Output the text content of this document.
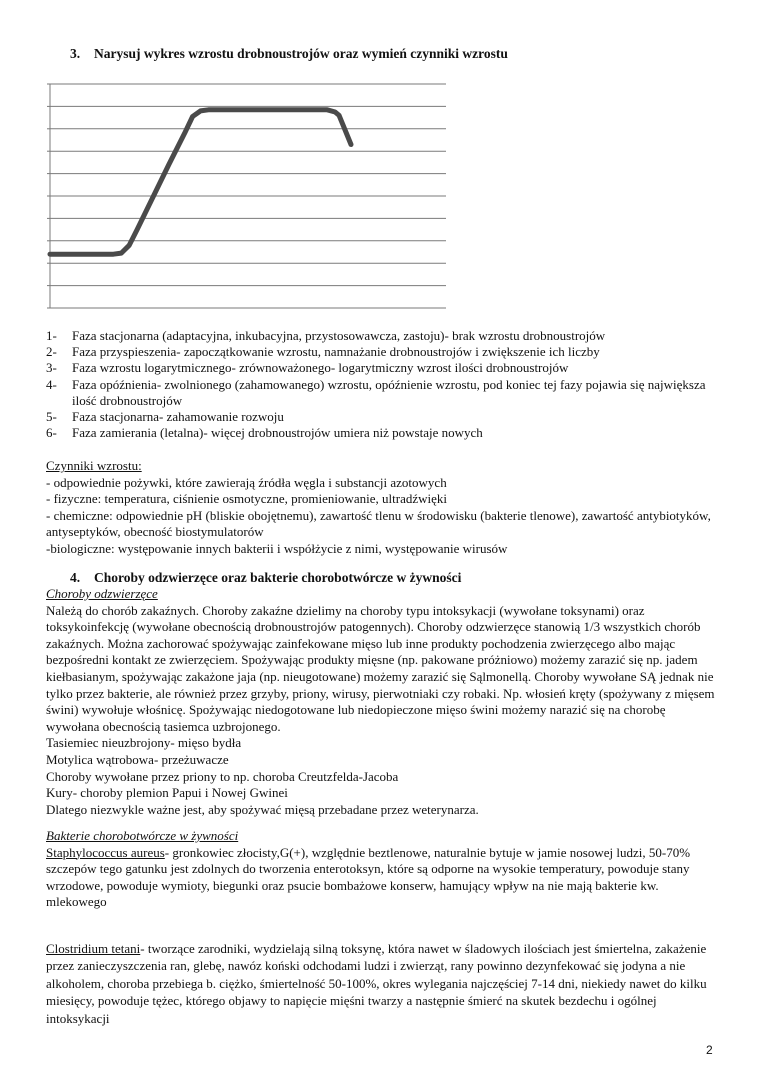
3. Narysuj wykres wzrostu drobnoustrojów oraz wymień czynniki wzrostu
1-	Faza stacjonarna (adaptacyjna, inkubacyjna, przystosowawcza, zastoju)- brak wzrostu drobnoustrojów
2-	Faza przyspieszenia- zapoczątkowanie wzrostu, namnażanie drobnoustrojów i zwiększenie ich liczby
3-	Faza wzrostu logarytmicznego- zrównoważonego- logarytmiczny wzrost ilości drobnoustrojów
4-	Faza opóźnienia- zwolnionego (zahamowanego) wzrostu, opóźnienie wzrostu, pod koniec tej fazy pojawia się największa ilość drobnoustrojów
5-	Faza stacjonarna- zahamowanie rozwoju
6-	Faza zamierania (letalna)- więcej drobnoustrojów umiera niż powstaje nowych

Czynniki wzrostu:

- odpowiednie pożywki, które zawierają źródła węgla i substancji azotowych

- fizyczne: temperatura, ciśnienie osmotyczne, promieniowanie, ultradźwięki

- chemiczne: odpowiednie pH (bliskie obojętnemu), zawartość tlenu w środowisku (bakterie tlenowe), zawartość antybiotyków, antyseptyków, obecność biostymulatorów

-biologiczne: występowanie innych bakterii i współżycie z nimi, występowanie wirusów

4. Choroby odzwierzęce oraz bakterie chorobotwórcze w żywności

Choroby odzwierzęce

Należą do chorób zakaźnych. Choroby zakaźne dzielimy na choroby typu intoksykacji (wywołane toksynami) oraz toksykoinfekcję (wywołane obecnością drobnoustrojów patogennych). Choroby odzwierzęce stanowią 1/3 wszystkich chorób zakaźnych. Można zachorować spożywając zainfekowane mięso lub inne produkty pochodzenia zwierzęcego albo mając bezpośredni kontakt ze zwierzęciem. Spożywając produkty mięsne (np. pakowane próżniowo) możemy zarazić się np. jadem kiełbasianym, spożywając zakażone jaja (np. nieugotowane) możemy zarazić się Sąlmonellą. Choroby wywołane SĄ jednak nie tylko przez bakterie, ale również przez grzyby, priony, wirusy, pierwotniaki czy robaki. Np. włosień kręty (spożywany z mięsem świni) wywołuje włośnicę. Spożywając niedogotowane lub niedopieczone mięso świni możemy narazić się na chorobę wywołana obecnością tasiemca uzbrojonego.

Tasiemiec nieuzbrojony- mięso bydła

Motylica wątrobowa- przeżuwacze

Choroby wywołane przez priony to np. choroba Creutzfelda-Jacoba

Kury- choroby plemion Papui i Nowej Gwinei

Dlatego niezwykle ważne jest, aby spożywać mięsą przebadane przez weterynarza.

Bakterie chorobotwórcze w żywności

Staphylococcus aureus- gronkowiec złocisty,G(+), względnie beztlenowe, naturalnie bytuje w jamie nosowej ludzi, 50-70% szczepów tego gatunku jest zdolnych do tworzenia enterotoksyn, które są odporne na wysokie temperatury, powoduje stany wrzodowe, powoduje wymioty, biegunki oraz psucie bombażowe konserw, hamujący wpływ na nie mają bakterie kw. mlekowego

Clostridium tetani- tworzące zarodniki, wydzielają silną toksynę, która nawet w śladowych ilościach jest śmiertelna, zakażenie przez zanieczyszczenia ran, glebę, nawóz koński odchodami ludzi i zwierząt, rany powinno dezynfekować się jodyna a nie alkoholem, choroba przebiega b. ciężko, śmiertelność 50-100%, okres wylegania najczęściej 7-14 dni, niekiedy nawet do kilku miesięcy, powoduje tężec, którego objawy to napięcie mięśni twarzy a następnie śmierć na skutek bezdechu i ogólnej intoksykacji

2
